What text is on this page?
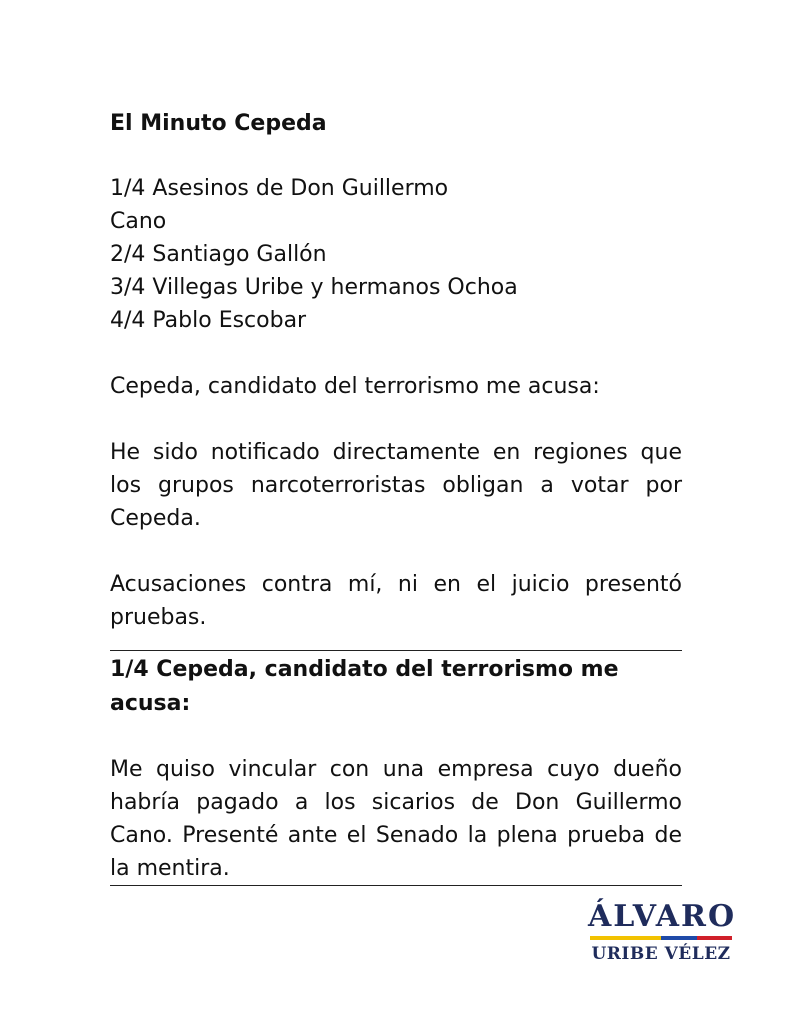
El Minuto Cepeda
1/4 Asesinos de Don Guillermo
Cano
2/4 Santiago Gallón
3/4 Villegas Uribe y hermanos Ochoa
4/4 Pablo Escobar

Cepeda, candidato del terrorismo me acusa:

He sido notificado directamente en regiones que los grupos narcoterroristas obligan a votar por Cepeda.

Acusaciones contra mí, ni en el juicio presentó pruebas.

1/4 Cepeda, candidato del terrorismo me acusa:

Me quiso vincular con una empresa cuyo dueño habría pagado a los sicarios de Don Guillermo Cano. Presenté ante el Senado la plena prueba de la mentira.

ÁLVARO
URIBE VÉLEZ
